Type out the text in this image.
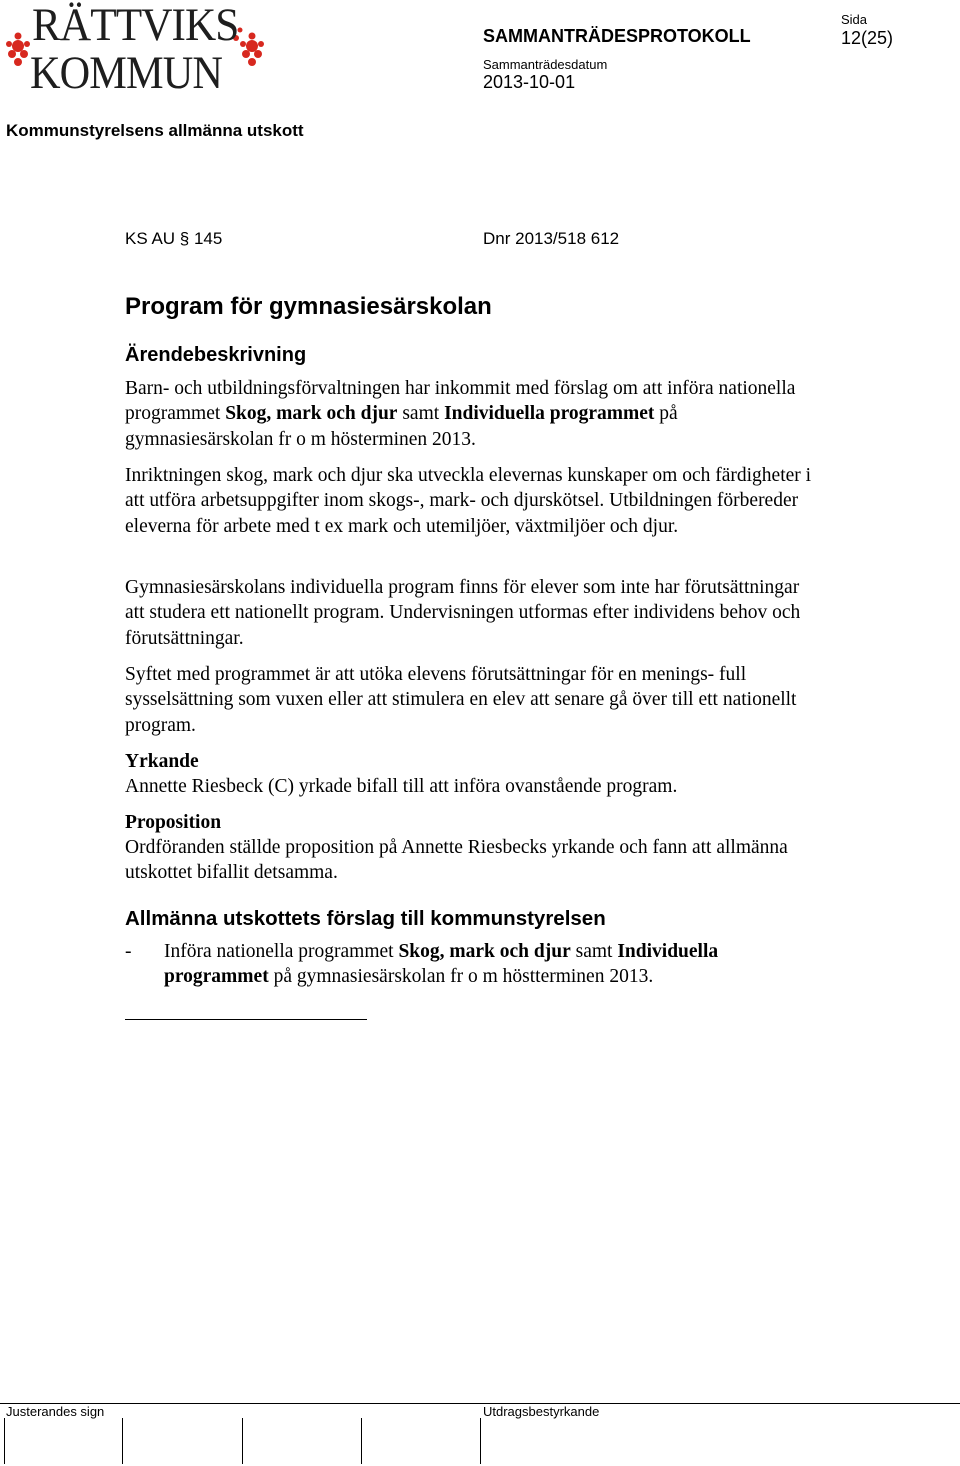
RÄTTVIKS
KOMMUN
SAMMANTRÄDESPROTOKOLL
Sida
12(25)
Sammanträdesdatum
2013-10-01
Kommunstyrelsens allmänna utskott
KS AU § 145	Dnr 2013/518 612
Program för gymnasiesärskolan
Ärendebeskrivning

Barn- och utbildningsförvaltningen har inkommit med förslag om att införa nationella programmet Skog, mark och djur samt Individuella programmet på gymnasiesärskolan fr o m hösterminen 2013.

Inriktningen skog, mark och djur ska utveckla elevernas kunskaper om och färdigheter i att utföra arbetsuppgifter inom skogs-, mark- och djurskötsel. Utbildningen förbereder eleverna för arbete med t ex mark och utemiljöer, växtmiljöer och djur.

Gymnasiesärskolans individuella program finns för elever som inte har förutsättningar att studera ett nationellt program. Undervisningen utformas efter individens behov och förutsättningar.

Syftet med programmet är att utöka elevens förutsättningar för en menings- full sysselsättning som vuxen eller att stimulera en elev att senare gå över till ett nationellt program.

Yrkande

Annette Riesbeck (C) yrkade bifall till att införa ovanstående program.

Proposition

Ordföranden ställde proposition på Annette Riesbecks yrkande och fann att allmänna utskottet bifallit detsamma.

Allmänna utskottets förslag till kommunstyrelsen
- Införa nationella programmet Skog, mark och djur samt Individuella programmet på gymnasiesärskolan fr o m höstterminen 2013.

Justerandes sign	Utdragsbestyrkande
